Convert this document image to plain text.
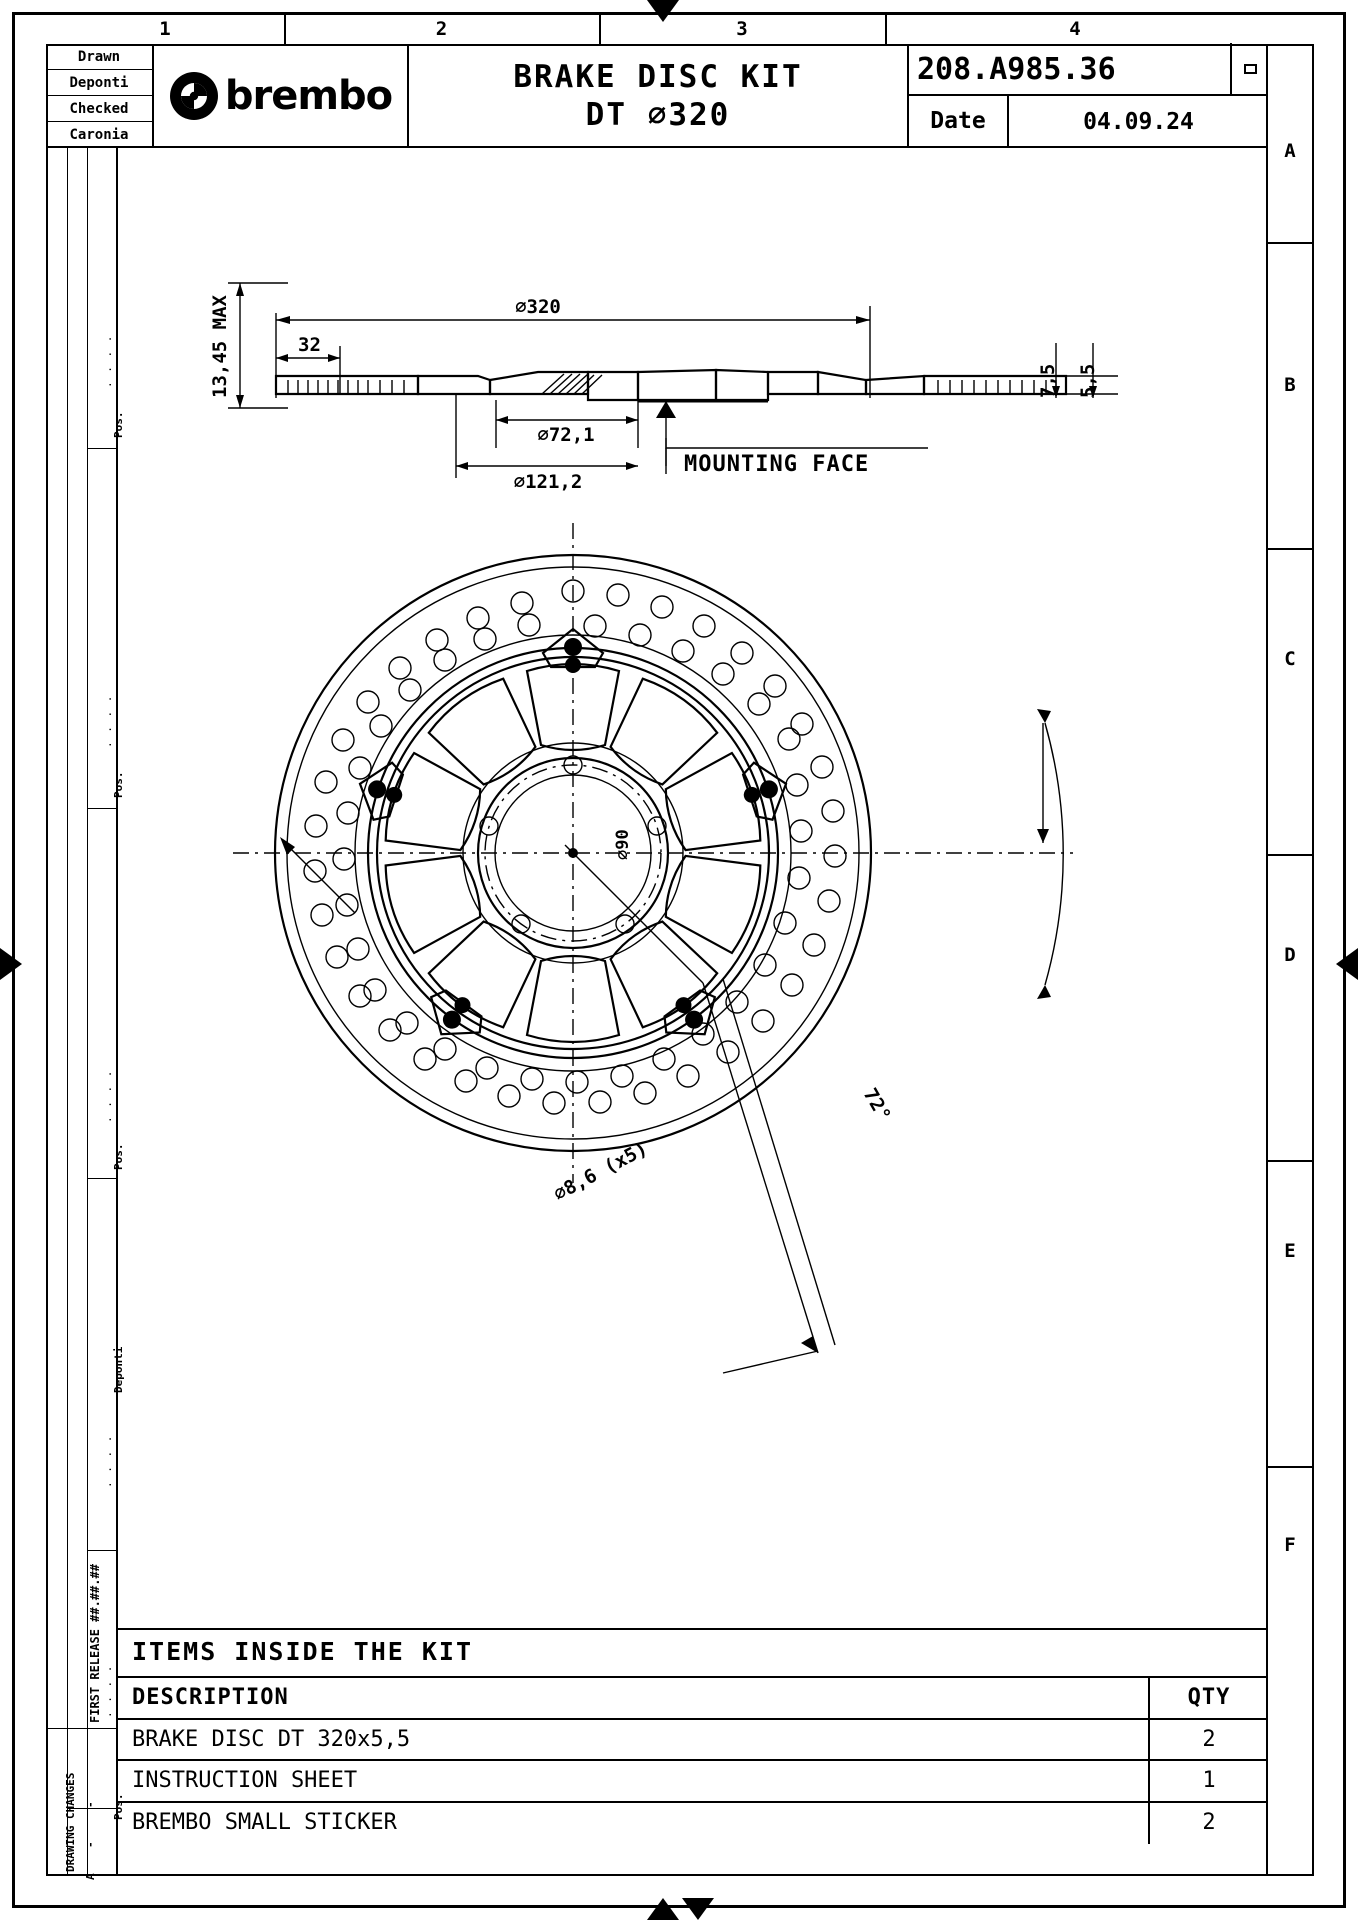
1	2	3	4
A
B
C
D
E
F
Drawn
Deponti
Checked
Caronia
brembo	BRAKE DISC KIT
DT ⌀320
208.A985.36
Date	04.09.24
· · · ·
· · · ·
· · · ·
· · · ·
· · · ·
Pos.
Pos.
Pos.
Pos.
-
-
Deponti
FIRST RELEASE ##.##.##
A
DRAWING CHANGES
⌀320
32
13,45 MAX
⌀72,1
⌀121,2
7,5 5,5
MOUNTING FACE
⌀90
⌀8,6 (x5)
72°
ITEMS INSIDE THE KIT
DESCRIPTION	QTY
BRAKE DISC DT 320x5,5	2
INSTRUCTION SHEET	1
BREMBO SMALL STICKER	2
